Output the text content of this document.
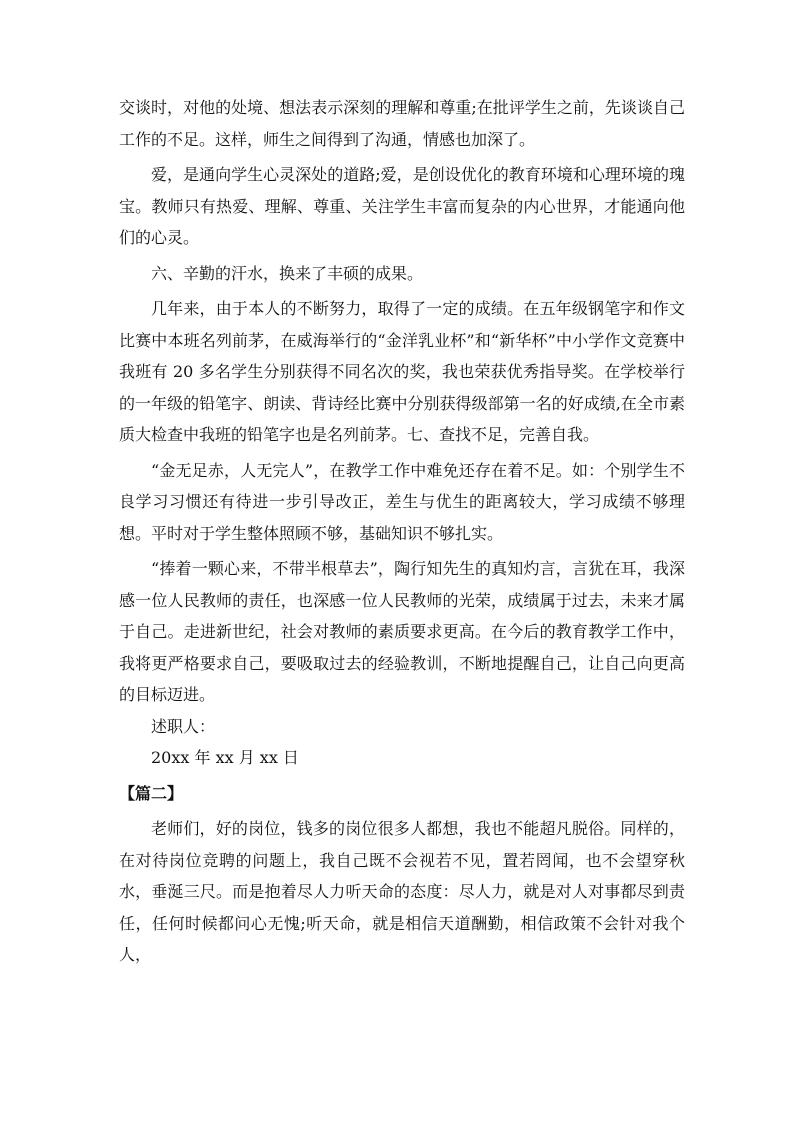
交谈时，对他的处境、想法表示深刻的理解和尊重;在批评学生之前，先谈谈自己工作的不足。这样，师生之间得到了沟通，情感也加深了。

爱，是通向学生心灵深处的道路;爱，是创设优化的教育环境和心理环境的瑰宝。教师只有热爱、理解、尊重、关注学生丰富而复杂的内心世界，才能通向他们的心灵。

六、辛勤的汗水，换来了丰硕的成果。

几年来，由于本人的不断努力，取得了一定的成绩。在五年级钢笔字和作文比赛中本班名列前茅，在威海举行的“金洋乳业杯”和“新华杯”中小学作文竞赛中我班有 20 多名学生分别获得不同名次的奖，我也荣获优秀指导奖。在学校举行的一年级的铅笔字、朗读、背诗经比赛中分别获得级部第一名的好成绩,在全市素质大检查中我班的铅笔字也是名列前茅。七、查找不足，完善自我。

“金无足赤，人无完人”，在教学工作中难免还存在着不足。如：个别学生不良学习习惯还有待进一步引导改正，差生与优生的距离较大，学习成绩不够理想。平时对于学生整体照顾不够，基础知识不够扎实。

“捧着一颗心来，不带半根草去”，陶行知先生的真知灼言，言犹在耳，我深感一位人民教师的责任，也深感一位人民教师的光荣，成绩属于过去，未来才属于自己。走进新世纪，社会对教师的素质要求更高。在今后的教育教学工作中，我将更严格要求自己，要吸取过去的经验教训，不断地提醒自己，让自己向更高的目标迈进。

述职人：

20xx 年 xx 月 xx 日

【篇二】

老师们，好的岗位，钱多的岗位很多人都想，我也不能超凡脱俗。同样的，在对待岗位竞聘的问题上，我自己既不会视若不见，置若罔闻，也不会望穿秋水，垂涎三尺。而是抱着尽人力听天命的态度：尽人力，就是对人对事都尽到责任，任何时候都问心无愧;听天命，就是相信天道酬勤，相信政策不会针对我个人，
